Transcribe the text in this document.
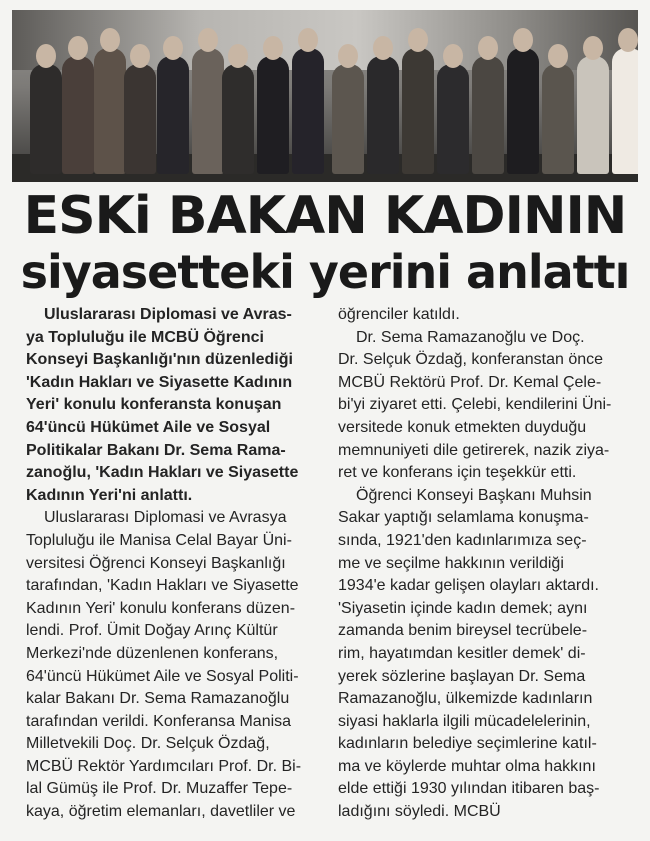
ESKi BAKAN KADININ
siyasetteki yerini anlattı
Uluslararası Diplomasi ve Avras-
ya Topluluğu ile MCBÜ Öğrenci
Konseyi Başkanlığı'nın düzenlediği
'Kadın Hakları ve Siyasette Kadının
Yeri' konulu konferansta konuşan
64'üncü Hükümet Aile ve Sosyal
Politikalar Bakanı Dr. Sema Rama-
zanoğlu, 'Kadın Hakları ve Siyasette
Kadının Yeri'ni anlattı.
Uluslararası Diplomasi ve Avrasya
Topluluğu ile Manisa Celal Bayar Üni-
versitesi Öğrenci Konseyi Başkanlığı
tarafından, 'Kadın Hakları ve Siyasette
Kadının Yeri' konulu konferans düzen-
lendi. Prof. Ümit Doğay Arınç Kültür
Merkezi'nde düzenlenen konferans,
64'üncü Hükümet Aile ve Sosyal Politi-
kalar Bakanı Dr. Sema Ramazanoğlu
tarafından verildi. Konferansa Manisa
Milletvekili Doç. Dr. Selçuk Özdağ,
MCBÜ Rektör Yardımcıları Prof. Dr. Bi-
lal Gümüş ile Prof. Dr. Muzaffer Tepe-
kaya, öğretim elemanları, davetliler ve
öğrenciler katıldı.
Dr. Sema Ramazanoğlu ve Doç.
Dr. Selçuk Özdağ, konferanstan önce
MCBÜ Rektörü Prof. Dr. Kemal Çele-
bi'yi ziyaret etti. Çelebi, kendilerini Üni-
versitede konuk etmekten duyduğu
memnuniyeti dile getirerek, nazik ziya-
ret ve konferans için teşekkür etti.
Öğrenci Konseyi Başkanı Muhsin
Sakar yaptığı selamlama konuşma-
sında, 1921'den kadınlarımıza seç-
me ve seçilme hakkının verildiği
1934'e kadar gelişen olayları aktardı.
'Siyasetin içinde kadın demek; aynı
zamanda benim bireysel tecrübele-
rim, hayatımdan kesitler demek' di-
yerek sözlerine başlayan Dr. Sema
Ramazanoğlu, ülkemizde kadınların
siyasi haklarla ilgili mücadelelerinin,
kadınların belediye seçimlerine katıl-
ma ve köylerde muhtar olma hakkını
elde ettiği 1930 yılından itibaren baş-
ladığını söyledi. MCBÜ
